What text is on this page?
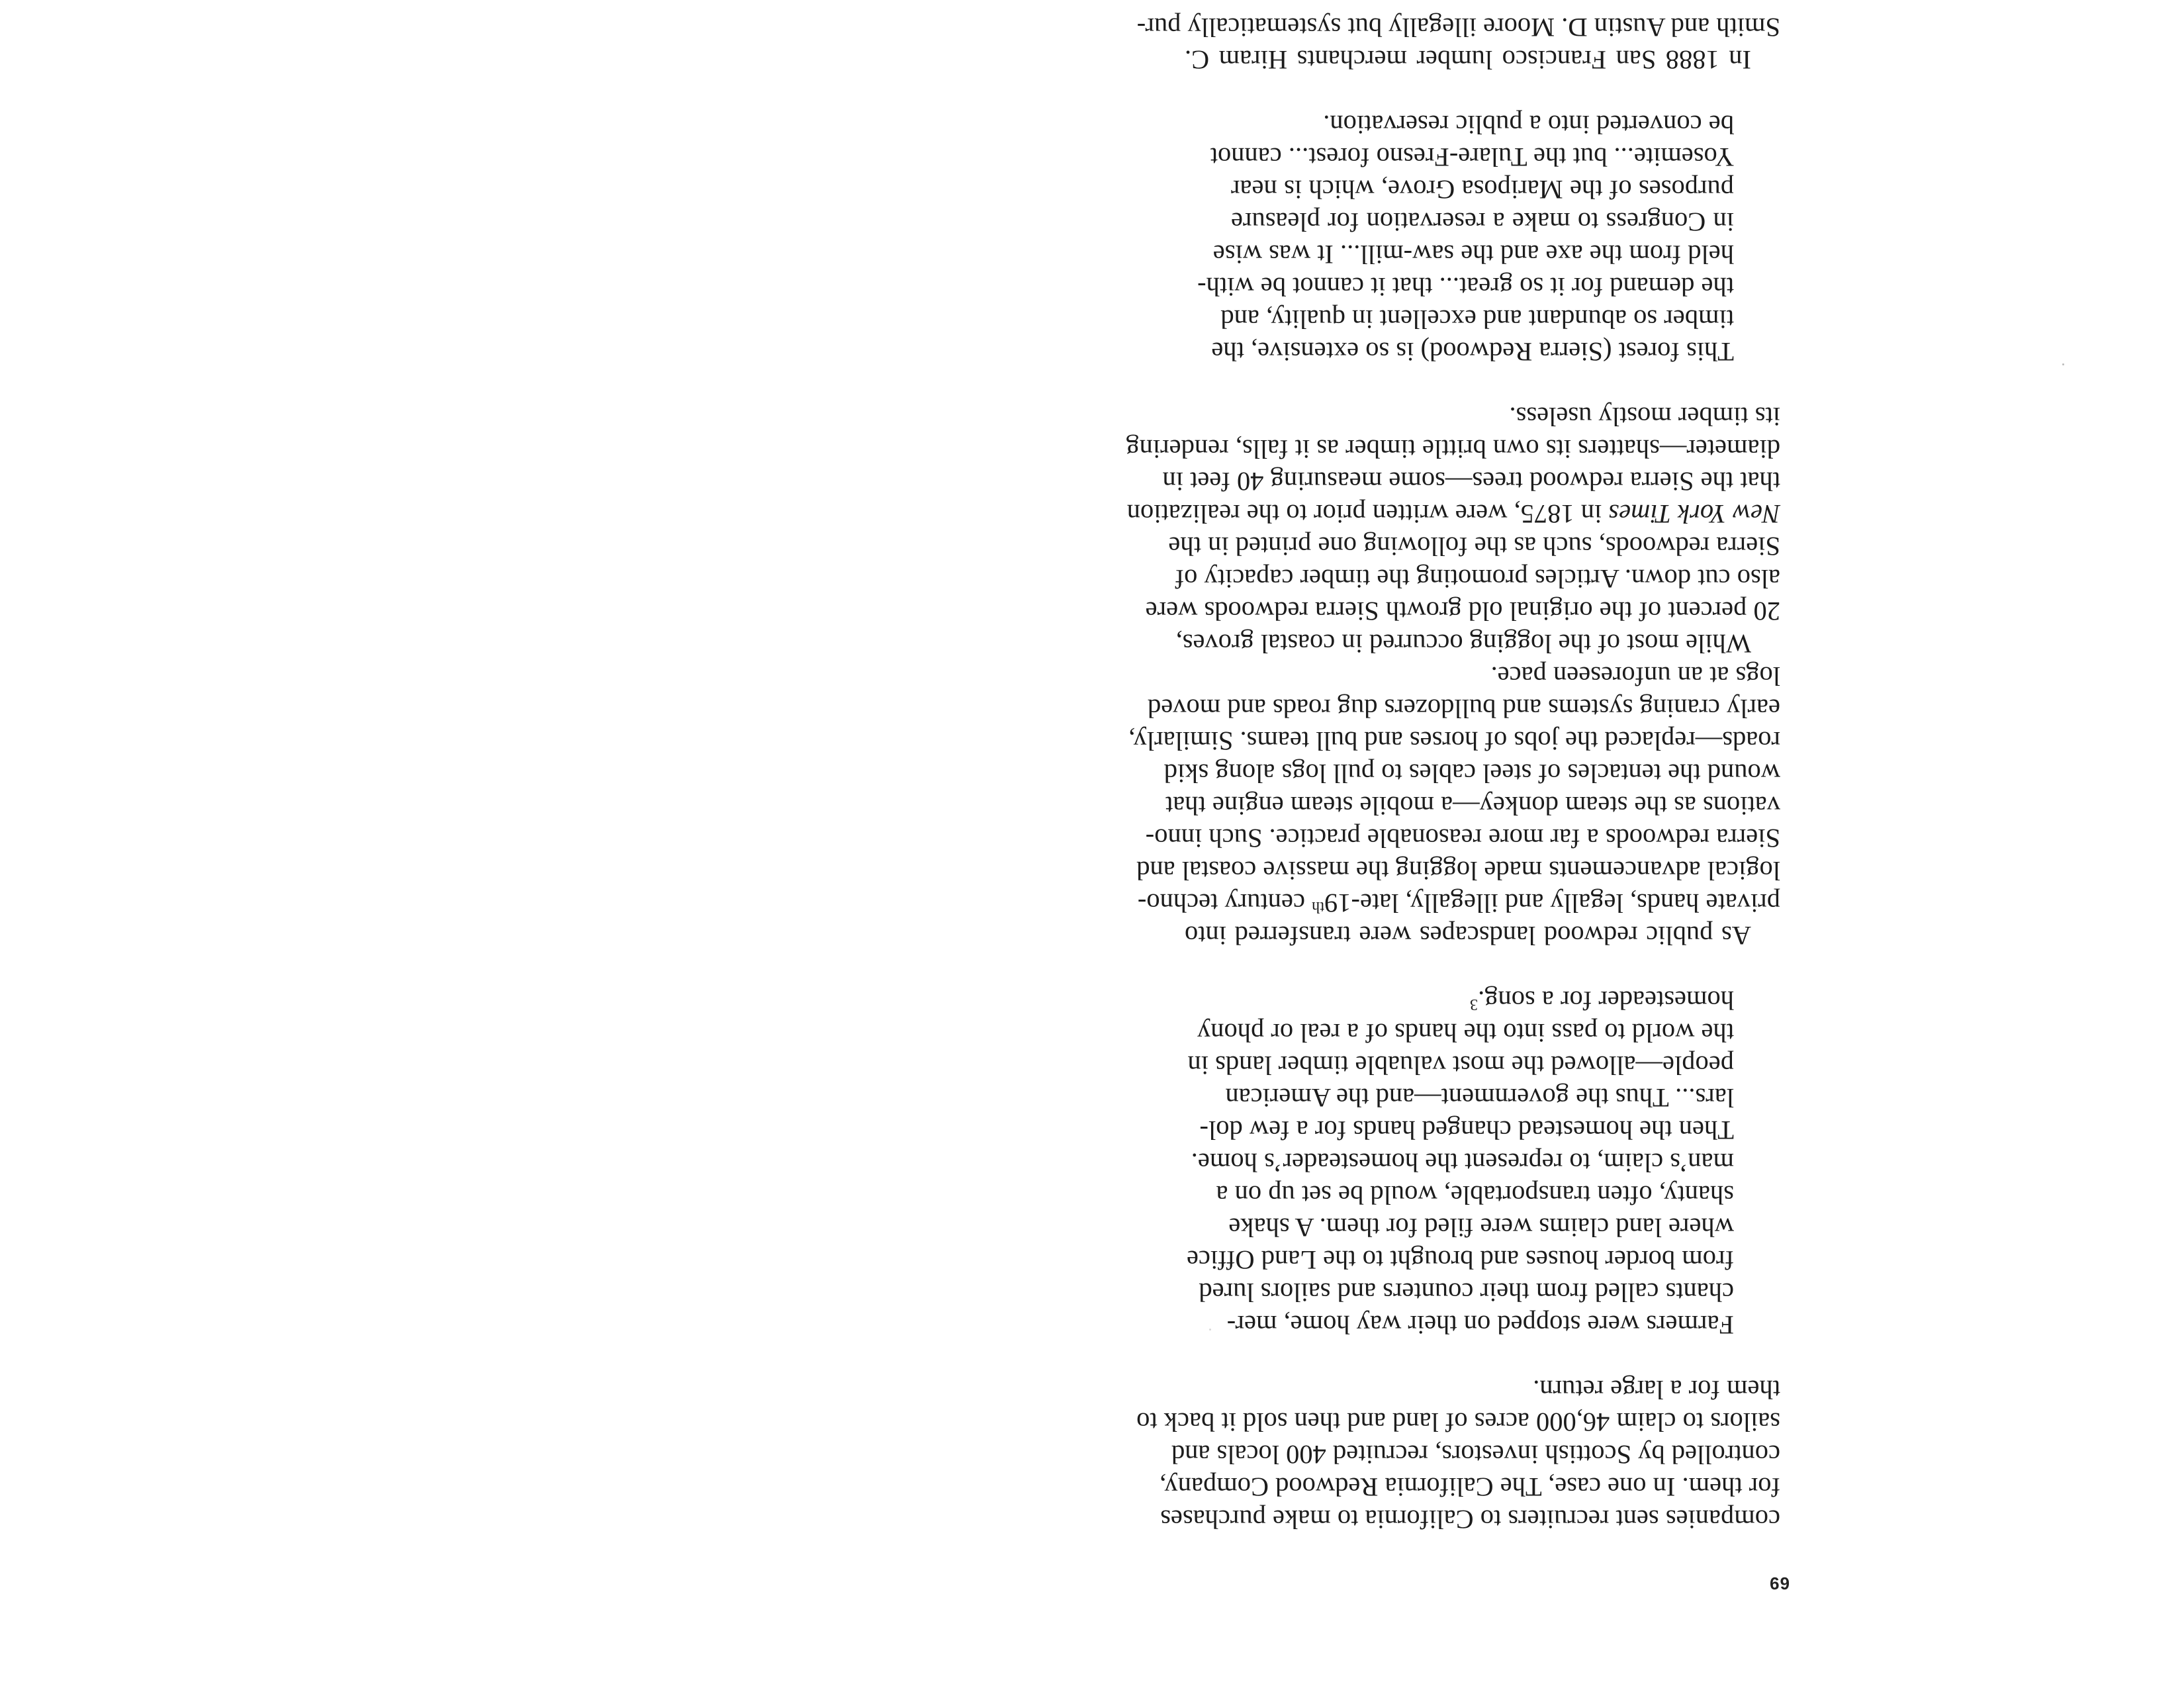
69
companies sent recruiters to California to make purchases
for them. In one case, The California Redwood Company,
controlled by Scottish investors, recruited 400 locals and
sailors to claim 46,000 acres of land and then sold it back to
them for a large return.
Farmers were stopped on their way home, mer-
chants called from their counters and sailors lured
from border houses and brought to the Land Office
where land claims were filed for them. A shake
shanty, often transportable, would be set up on a
man’s claim, to represent the homesteader’s home.
Then the homestead changed hands for a few dol-
lars... Thus the government—and the American
people—allowed the most valuable timber lands in
the world to pass into the hands of a real or phony
homesteader for a song.$^3$
As public redwood landscapes were transferred into
private hands, legally and illegally, late-19th century techno-
logical advancements made logging the massive coastal and
Sierra redwoods a far more reasonable practice. Such inno-
vations as the steam donkey—a mobile steam engine that
wound the tentacles of steel cables to pull logs along skid
roads—replaced the jobs of horses and bull teams. Similarly,
early craning systems and bulldozers dug roads and moved
logs at an unforeseen pace.
While most of the logging occurred in coastal groves,
20 percent of the original old growth Sierra redwoods were
also cut down. Articles promoting the timber capacity of
Sierra redwoods, such as the following one printed in the
New York Times in 1875, were written prior to the realization
that the Sierra redwood trees—some measuring 40 feet in
diameter—shatters its own brittle timber as it falls, rendering
its timber mostly useless.
This forest (Sierra Redwood) is so extensive, the
timber so abundant and excellent in quality, and
the demand for it so great... that it cannot be with-
held from the axe and the saw-mill... It was wise
in Congress to make a reservation for pleasure
purposes of the Mariposa Grove, which is near
Yosemite... but the Tulare-Fresno forest... cannot
be converted into a public reservation.
In 1888 San Francisco lumber merchants Hiram C.
Smith and Austin D. Moore illegally but systematically pur-
